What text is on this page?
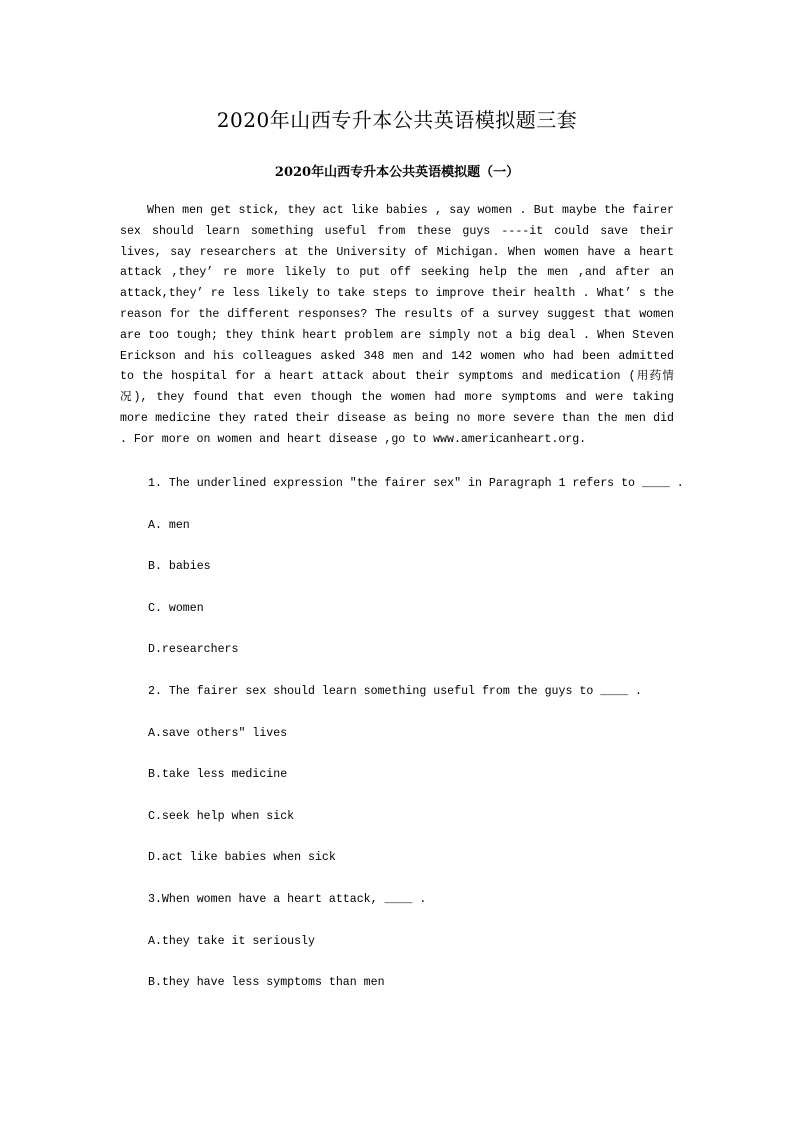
2020年山西专升本公共英语模拟题三套
2020年山西专升本公共英语模拟题（一）

When men get stick, they act like babies , say women . But maybe the fairer sex should learn something useful from these guys ----it could save their lives, say researchers at the University of Michigan. When women have a heart attack ,they’ re more likely to put off seeking help the men ,and after an attack,they’ re less likely to take steps to improve their health . What’ s the reason for the different responses? The results of a survey suggest that women are too tough; they think heart problem are simply not a big deal . When Steven Erickson and his colleagues asked 348 men and 142 women who had been admitted to the hospital for a heart attack about their symptoms and medication (用药情况), they found that even though the women had more symptoms and were taking more medicine they rated their disease as being no more severe than the men did . For more on women and heart disease ,go to www.americanheart.org.

1. The underlined expression "the fairer sex" in Paragraph 1 refers to ____ .
A. men
B. babies
C. women
D.researchers
2. The fairer sex should learn something useful from the guys to ____ .
A.save others" lives
B.take less medicine
C.seek help when sick
D.act like babies when sick
3.When women have a heart attack, ____ .
A.they take it seriously
B.they have less symptoms than men
